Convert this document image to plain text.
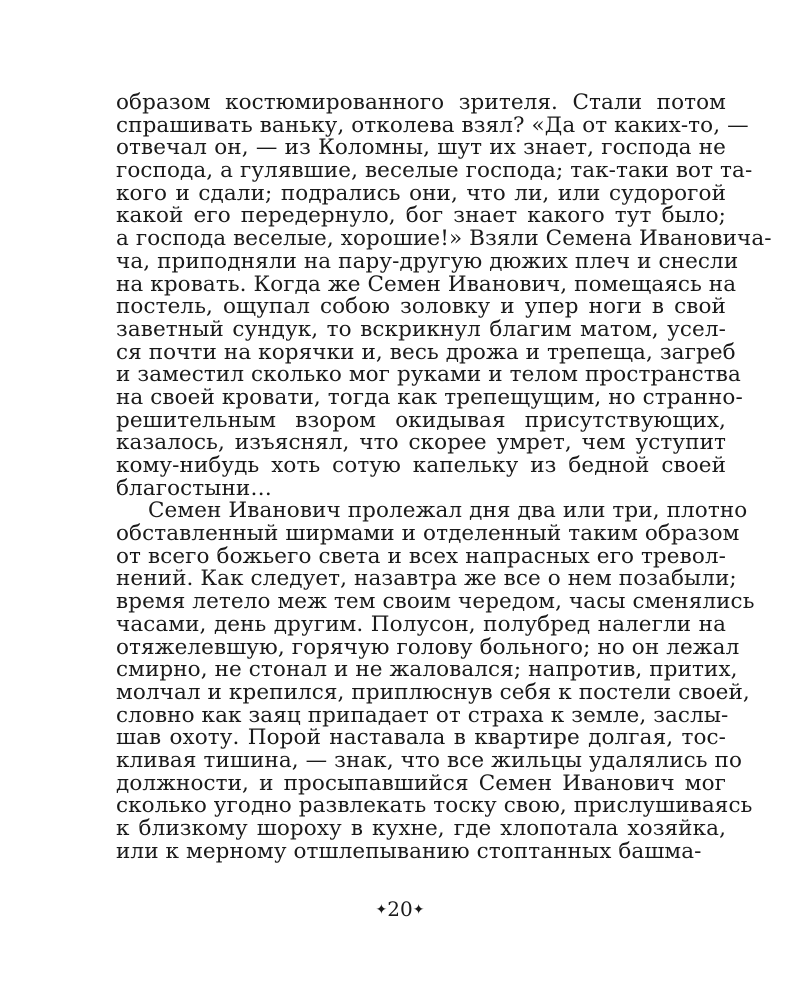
образом костюмированного зрителя. Стали потом
спрашивать ваньку, отколева взял? «Да от каких-то, —
отвечал он, — из Коломны, шут их знает, господа не
господа, а гулявшие, веселые господа; так-таки вот та-
кого и сдали; подрались они, что ли, или судорогой
какой его передернуло, бог знает какого тут было;
а господа веселые, хорошие!» Взяли Семена Ивановича-
ча, приподняли на пару-другую дюжих плеч и снесли
на кровать. Когда же Семен Иванович, помещаясь на
постель, ощупал собою золовку и упер ноги в свой
заветный сундук, то вскрикнул благим матом, усел-
ся почти на корячки и, весь дрожа и трепеща, загреб
и заместил сколько мог руками и телом пространства
на своей кровати, тогда как трепещущим, но странно-
решительным взором окидывая присутствующих,
казалось, изъяснял, что скорее умрет, чем уступит
кому-нибудь хоть сотую капельку из бедной своей
благостыни…
Семен Иванович пролежал дня два или три, плотно
обставленный ширмами и отделенный таким образом
от всего божьего света и всех напрасных его тревол-
нений. Как следует, назавтра же все о нем позабыли;
время летело меж тем своим чередом, часы сменялись
часами, день другим. Полусон, полубред налегли на
отяжелевшую, горячую голову больного; но он лежал
смирно, не стонал и не жаловался; напротив, притих,
молчал и крепился, приплюснув себя к постели своей,
словно как заяц припадает от страха к земле, заслы-
шав охоту. Порой наставала в квартире долгая, тос-
кливая тишина, — знак, что все жильцы удалялись по
должности, и просыпавшийся Семен Иванович мог
сколько угодно развлекать тоску свою, прислушиваясь
к близкому шороху в кухне, где хлопотала хозяйка,
или к мерному отшлепыванию стоптанных башма-
✦20✦
